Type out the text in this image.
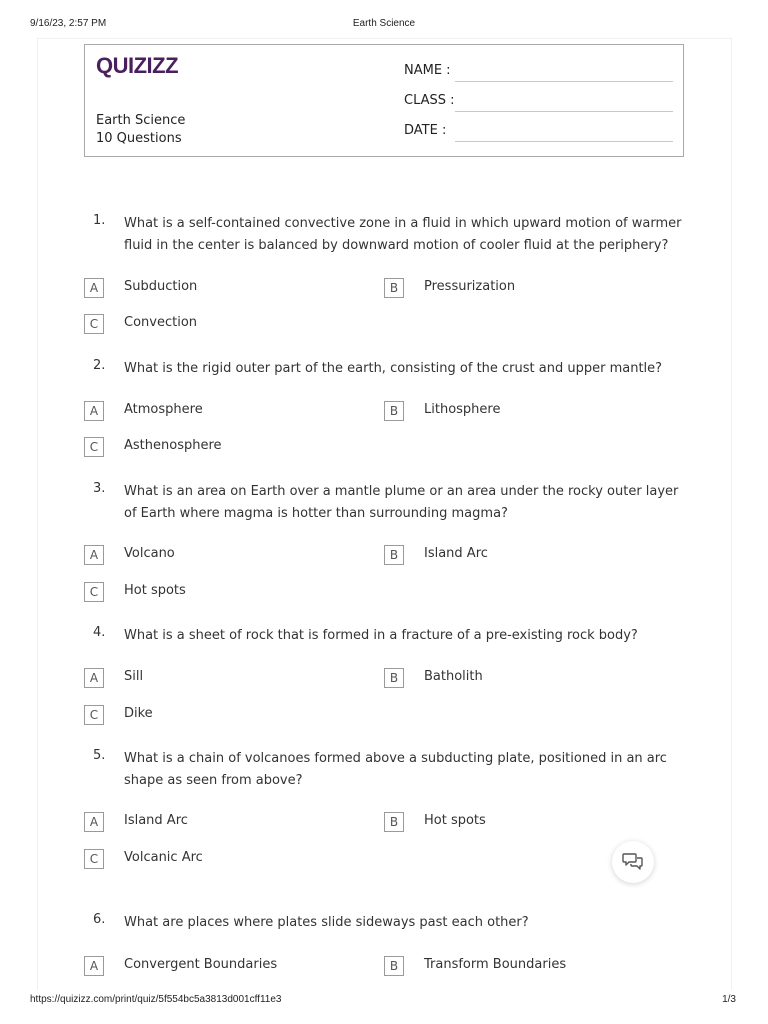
9/16/23, 2:57 PM	Earth Science
QUIZIZZ
Earth Science
10 Questions
NAME :
CLASS :
DATE :
1.	What is a self-contained convective zone in a fluid in which upward motion of warmer fluid in the center is balanced by downward motion of cooler fluid at the periphery?
A	Subduction	B	Pressurization
C	Convection
2.	What is the rigid outer part of the earth, consisting of the crust and upper mantle?
A	Atmosphere	B	Lithosphere
C	Asthenosphere
3.	What is an area on Earth over a mantle plume or an area under the rocky outer layer of Earth where magma is hotter than surrounding magma?
A	Volcano	B	Island Arc
C	Hot spots
4.	What is a sheet of rock that is formed in a fracture of a pre-existing rock body?
A	Sill	B	Batholith
C	Dike
5.	What is a chain of volcanoes formed above a subducting plate, positioned in an arc shape as seen from above?
A	Island Arc	B	Hot spots
C	Volcanic Arc
6.	What are places where plates slide sideways past each other?
A	Convergent Boundaries	B	Transform Boundaries
https://quizizz.com/print/quiz/5f554bc5a3813d001cff11e3	1/3
